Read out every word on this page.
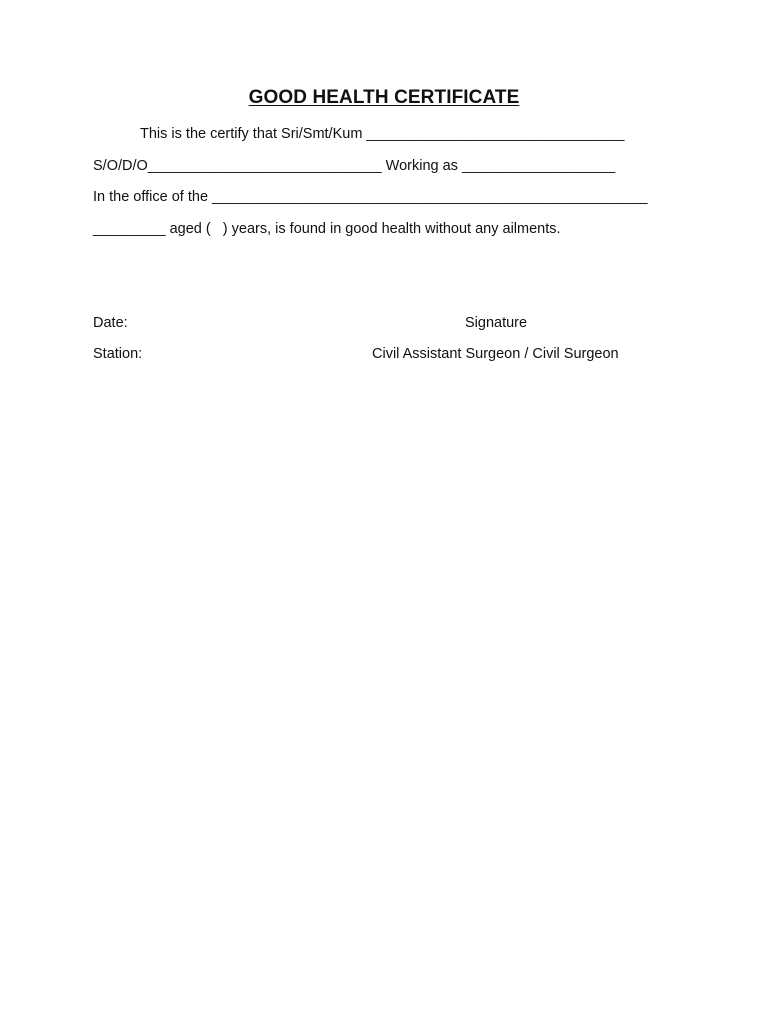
GOOD HEALTH CERTIFICATE
This is the certify that Sri/Smt/Kum ________________________________
S/O/D/O_____________________________ Working as ___________________
In the office of the ______________________________________________________
_________ aged (   ) years, is found in good health without any ailments.
Date:
Station:
Signature
Civil Assistant Surgeon / Civil Surgeon
